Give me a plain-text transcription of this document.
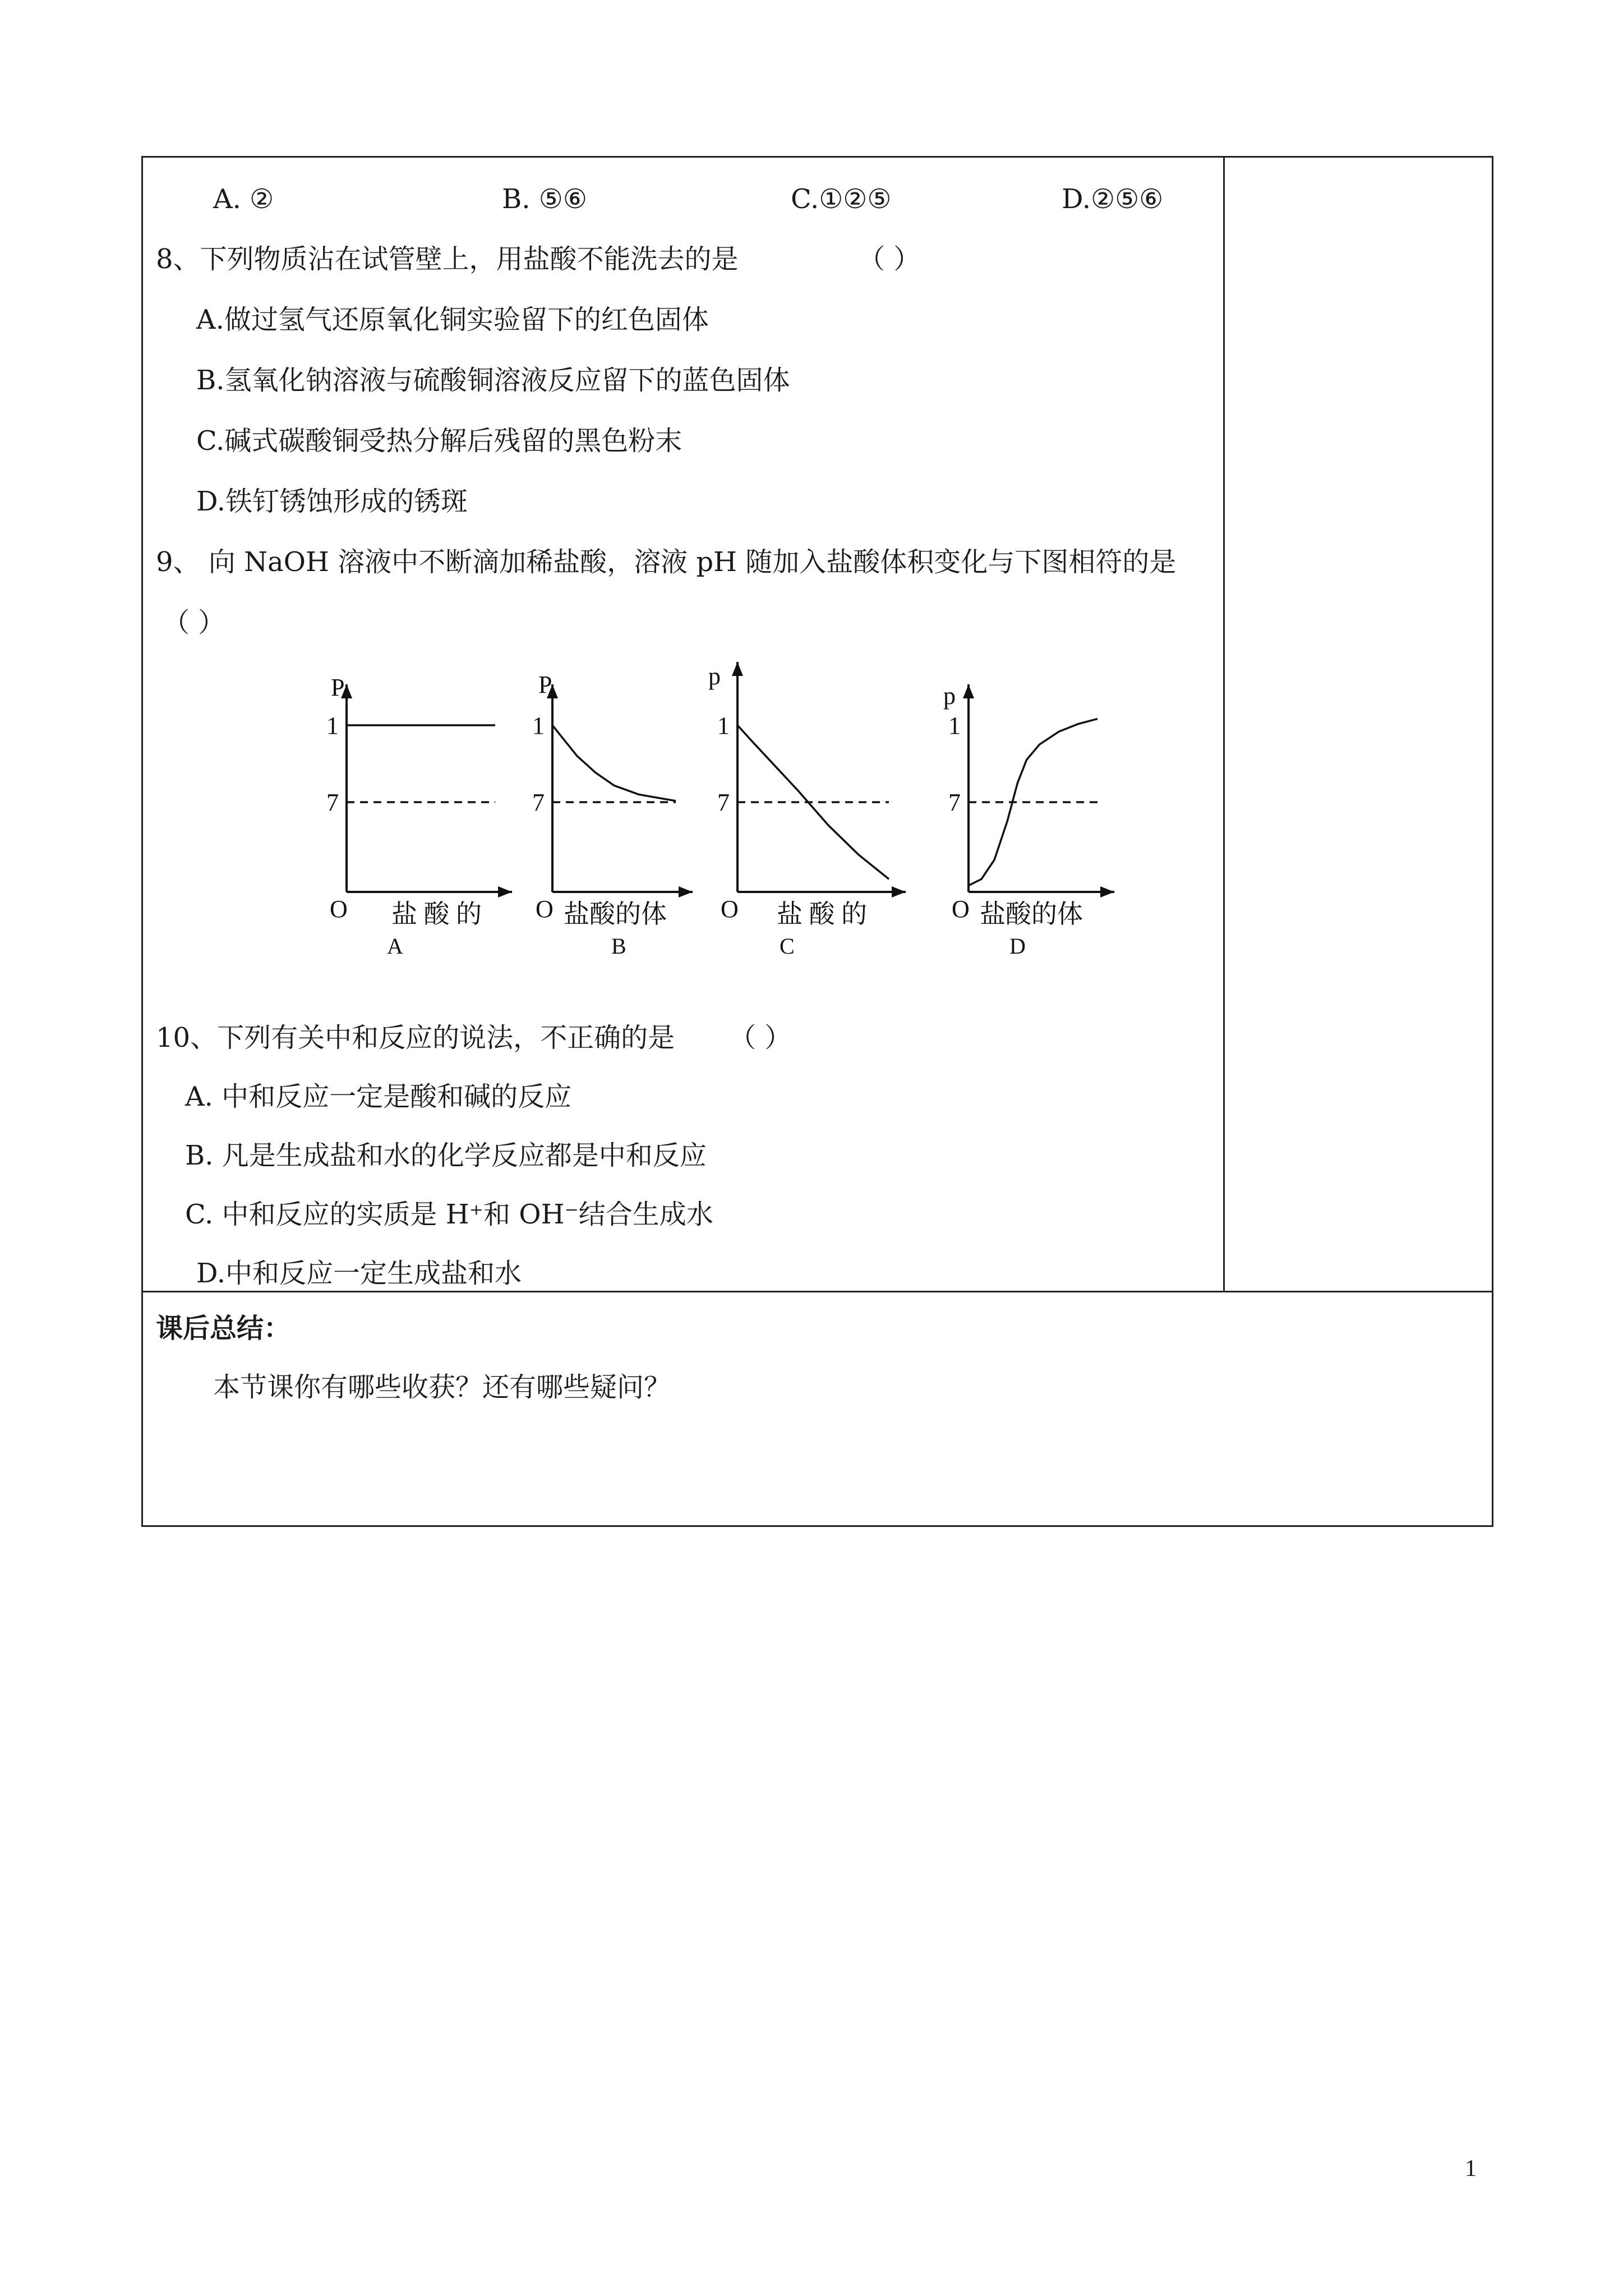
A. ②	B. ⑤⑥	C.①②⑤	D.②⑤⑥
8、下列物质沾在试管壁上，用盐酸不能洗去的是	（ ）
A.做过氢气还原氧化铜实验留下的红色固体
B.氢氧化钠溶液与硫酸铜溶液反应留下的蓝色固体
C.碱式碳酸铜受热分解后残留的黑色粉末
D.铁钉锈蚀形成的锈斑
9、 向 NaOH 溶液中不断滴加稀盐酸，溶液 pH 随加入盐酸体积变化与下图相符的是
（ ）
P
O
1
7
盐 酸 的
A
P
O
1
7
盐酸的体
B
p
O
1
7
盐 酸 的
C
p
O
1
7
盐酸的体
D
10、下列有关中和反应的说法，不正确的是 （ ）
A. 中和反应一定是酸和碱的反应
B. 凡是生成盐和水的化学反应都是中和反应
C. 中和反应的实质是 H⁺和 OH⁻结合生成水
D.中和反应一定生成盐和水
课后总结：
本节课你有哪些收获？还有哪些疑问？
1
